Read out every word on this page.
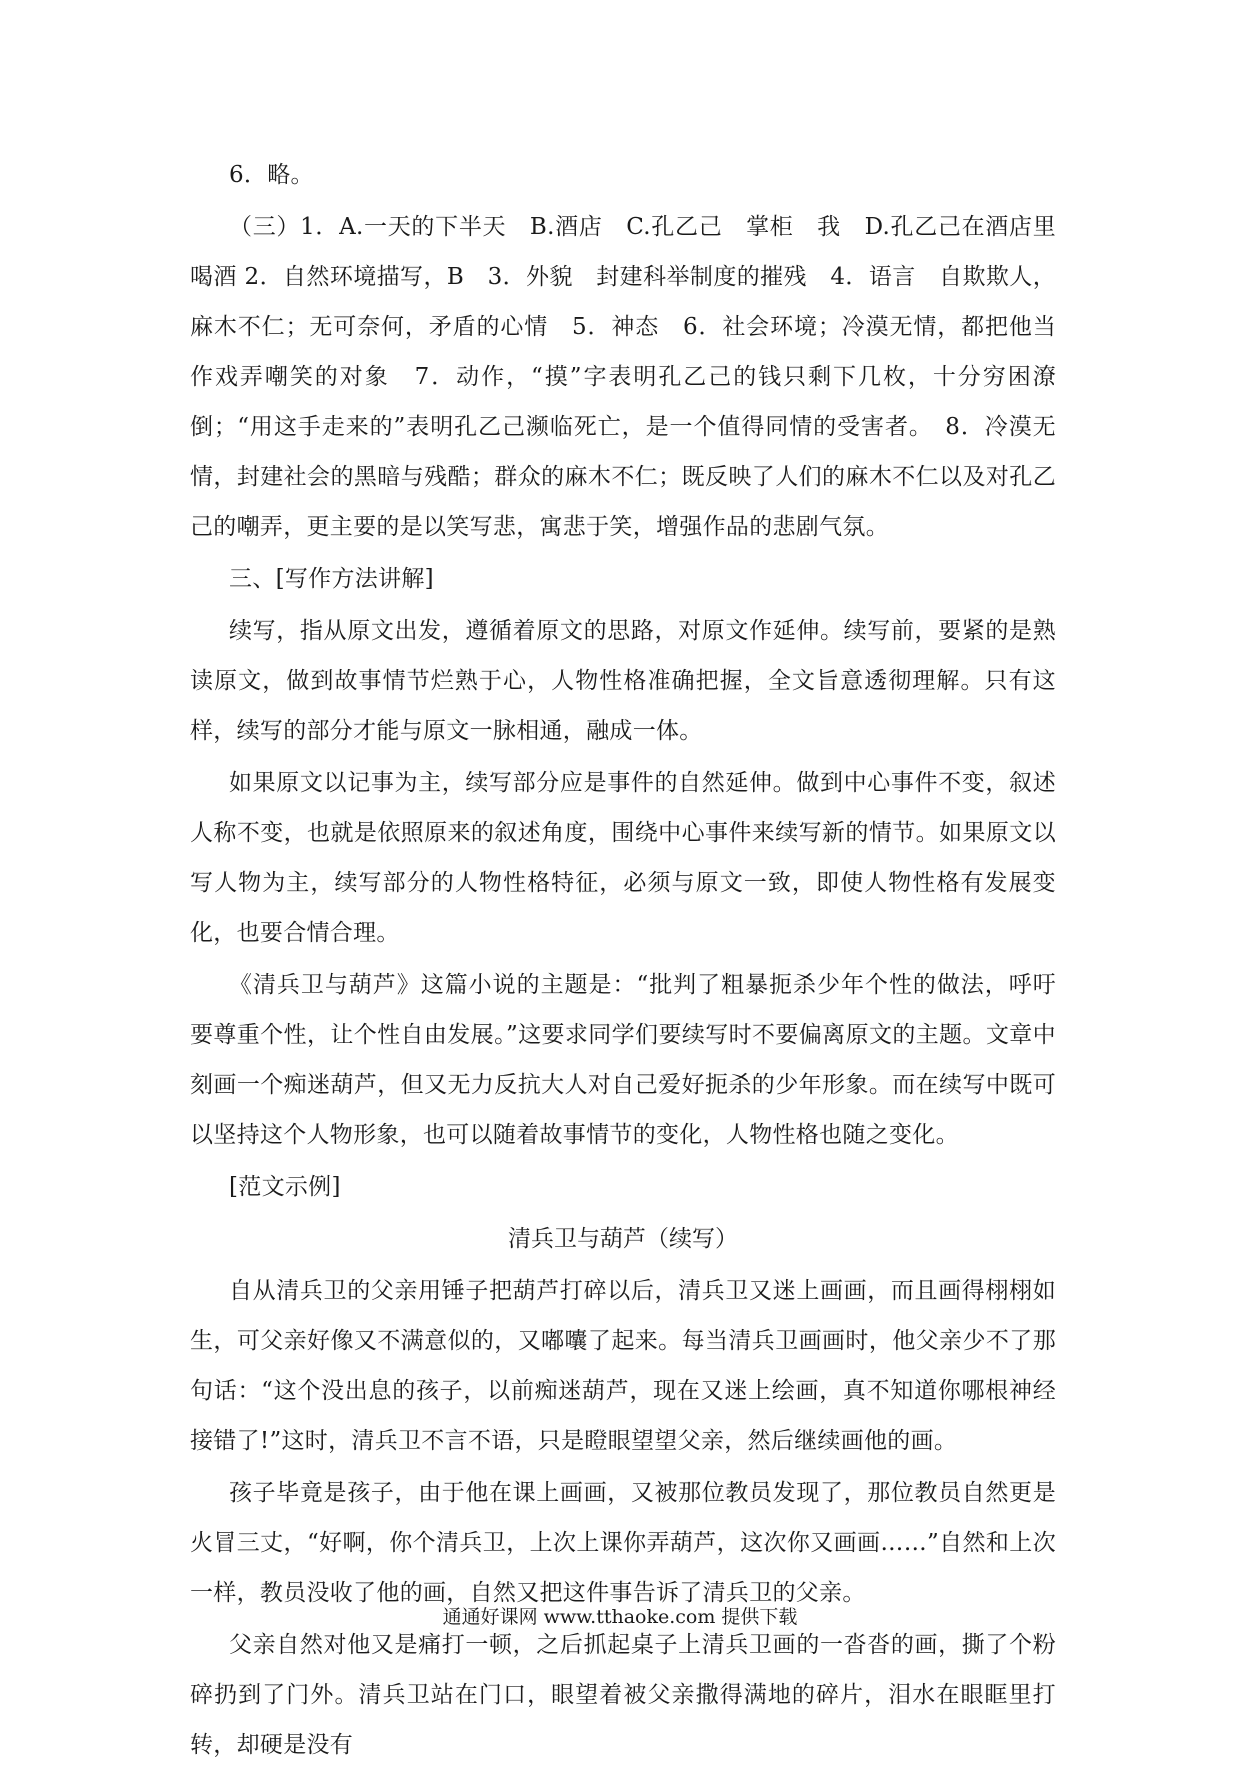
6．略。

（三）1．A.一天的下半天　B.酒店　C.孔乙己　掌柜　我　D.孔乙己在酒店里喝酒 2．自然环境描写，B　3．外貌　封建科举制度的摧残　4．语言　自欺欺人，麻木不仁；无可奈何，矛盾的心情　5．神态　6．社会环境；冷漠无情，都把他当作戏弄嘲笑的对象　7．动作，“摸”字表明孔乙己的钱只剩下几枚，十分穷困潦倒；“用这手走来的”表明孔乙己濒临死亡，是一个值得同情的受害者。　8．冷漠无情，封建社会的黑暗与残酷；群众的麻木不仁；既反映了人们的麻木不仁以及对孔乙己的嘲弄，更主要的是以笑写悲，寓悲于笑，增强作品的悲剧气氛。

三、[写作方法讲解]

续写，指从原文出发，遵循着原文的思路，对原文作延伸。续写前，要紧的是熟读原文，做到故事情节烂熟于心，人物性格准确把握，全文旨意透彻理解。只有这样，续写的部分才能与原文一脉相通，融成一体。

如果原文以记事为主，续写部分应是事件的自然延伸。做到中心事件不变，叙述人称不变，也就是依照原来的叙述角度，围绕中心事件来续写新的情节。如果原文以写人物为主，续写部分的人物性格特征，必须与原文一致，即使人物性格有发展变化，也要合情合理。

《清兵卫与葫芦》这篇小说的主题是：“批判了粗暴扼杀少年个性的做法，呼吁要尊重个性，让个性自由发展。”这要求同学们要续写时不要偏离原文的主题。文章中刻画一个痴迷葫芦，但又无力反抗大人对自己爱好扼杀的少年形象。而在续写中既可以坚持这个人物形象，也可以随着故事情节的变化，人物性格也随之变化。

[范文示例]

清兵卫与葫芦（续写）

自从清兵卫的父亲用锤子把葫芦打碎以后，清兵卫又迷上画画，而且画得栩栩如生，可父亲好像又不满意似的，又嘟囔了起来。每当清兵卫画画时，他父亲少不了那句话：“这个没出息的孩子，以前痴迷葫芦，现在又迷上绘画，真不知道你哪根神经接错了!”这时，清兵卫不言不语，只是瞪眼望望父亲，然后继续画他的画。

孩子毕竟是孩子，由于他在课上画画，又被那位教员发现了，那位教员自然更是火冒三丈，“好啊，你个清兵卫，上次上课你弄葫芦，这次你又画画……”自然和上次一样，教员没收了他的画，自然又把这件事告诉了清兵卫的父亲。

父亲自然对他又是痛打一顿，之后抓起桌子上清兵卫画的一沓沓的画，撕了个粉碎扔到了门外。清兵卫站在门口，眼望着被父亲撒得满地的碎片，泪水在眼眶里打转，却硬是没有

通通好课网 www.tthaoke.com 提供下载
